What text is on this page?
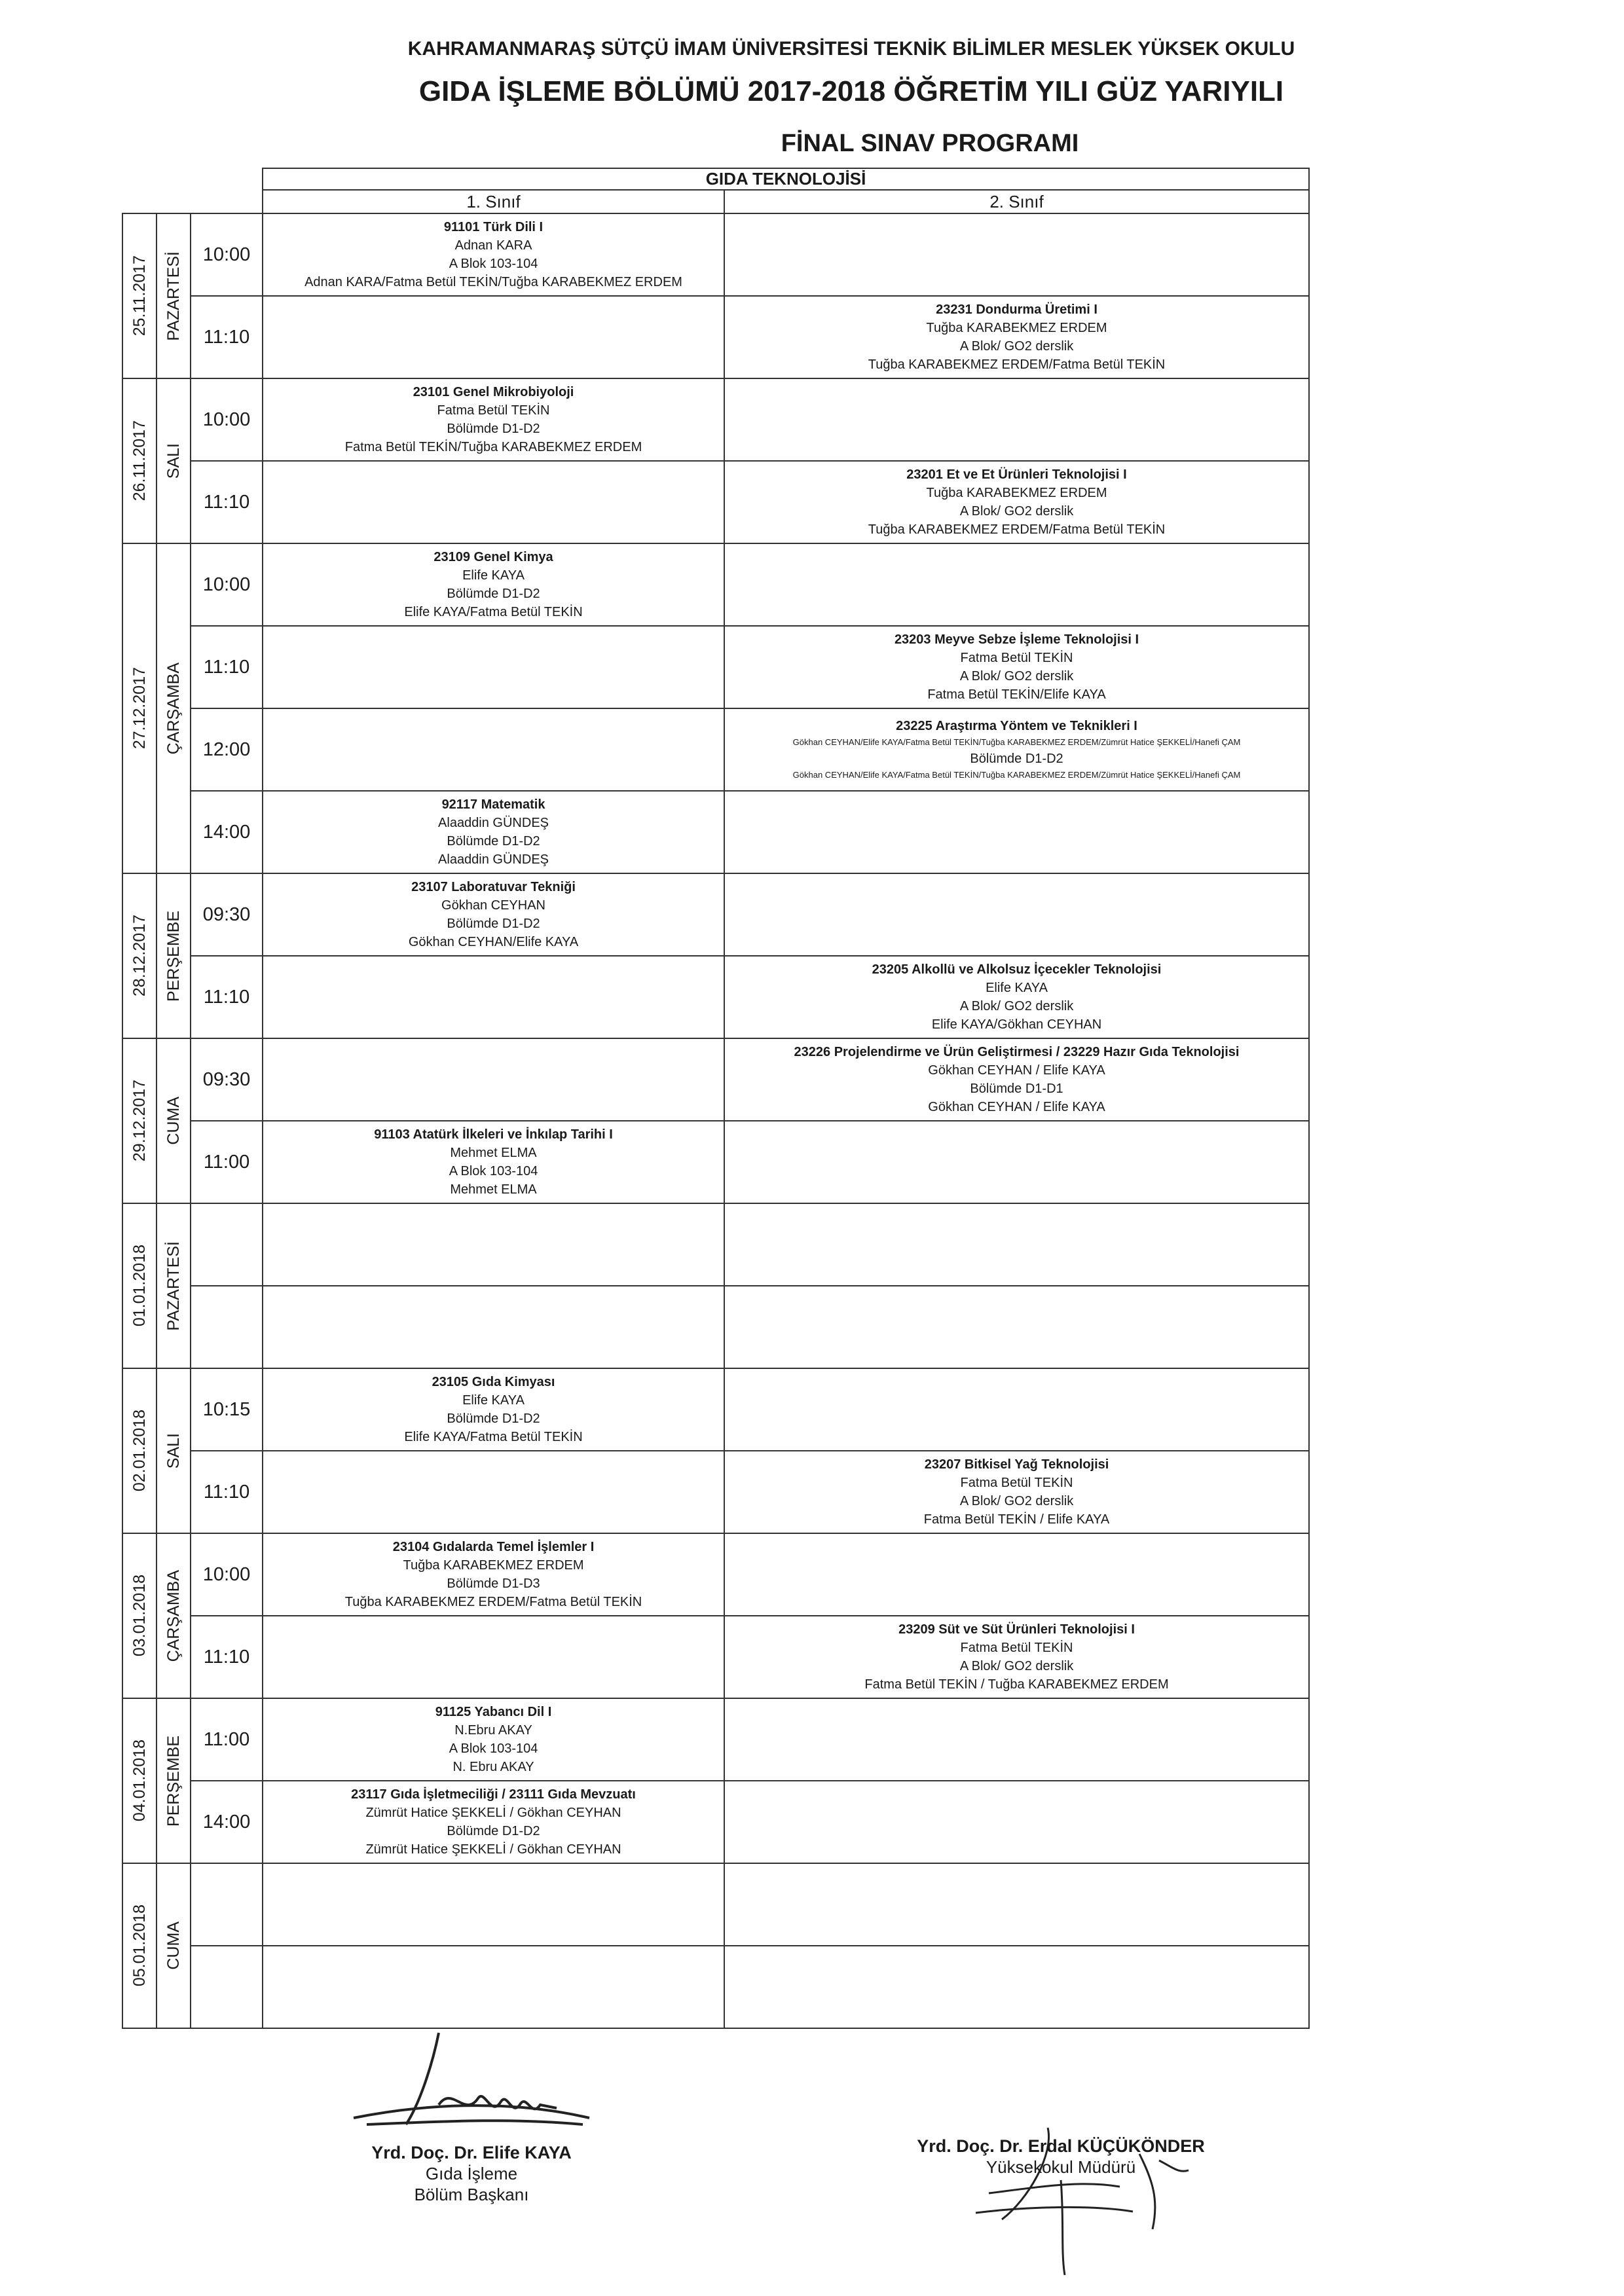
KAHRAMANMARAŞ SÜTÇÜ İMAM ÜNİVERSİTESİ TEKNİK BİLİMLER MESLEK YÜKSEK OKULU
GIDA İŞLEME BÖLÜMÜ 2017-2018 ÖĞRETİM YILI GÜZ YARIYILI
FİNAL SINAV PROGRAMI
			GIDA TEKNOLOJİSİ	
			1. Sınıf	2. Sınıf

25.11.2017	PAZARTESİ	10:00	91101 Türk Dili I
Adnan KARA
A Blok 103-104
Adnan KARA/Fatma Betül TEKİN/Tuğba KARABEKMEZ ERDEM	

		11:10		23231 Dondurma Üretimi I
Tuğba KARABEKMEZ ERDEM
A Blok/ GO2 derslik
Tuğba KARABEKMEZ ERDEM/Fatma Betül TEKİN

26.11.2017	SALI	10:00	23101 Genel Mikrobiyoloji
Fatma Betül TEKİN
Bölümde D1-D2
Fatma Betül TEKİN/Tuğba KARABEKMEZ ERDEM	

		11:10		23201 Et ve Et Ürünleri Teknolojisi I
Tuğba KARABEKMEZ ERDEM
A Blok/ GO2 derslik
Tuğba KARABEKMEZ ERDEM/Fatma Betül TEKİN

27.12.2017	ÇARŞAMBA	10:00	23109 Genel Kimya
Elife KAYA
Bölümde D1-D2
Elife KAYA/Fatma Betül TEKİN	

		11:10		23203 Meyve Sebze İşleme Teknolojisi I
Fatma Betül TEKİN
A Blok/ GO2 derslik
Fatma Betül TEKİN/Elife KAYA

		12:00		23225 Araştırma Yöntem ve Teknikleri I
Gökhan CEYHAN/Elife KAYA/Fatma Betül TEKİN/Tuğba KARABEKMEZ ERDEM/Zümrüt Hatice ŞEKKELİ/Hanefi ÇAM
Bölümde D1-D2
Gökhan CEYHAN/Elife KAYA/Fatma Betül TEKİN/Tuğba KARABEKMEZ ERDEM/Zümrüt Hatice ŞEKKELİ/Hanefi ÇAM

		14:00	92117 Matematik
Alaaddin GÜNDEŞ
Bölümde D1-D2
Alaaddin GÜNDEŞ	

28.12.2017	PERŞEMBE	09:30	23107 Laboratuvar Tekniği
Gökhan CEYHAN
Bölümde D1-D2
Gökhan CEYHAN/Elife KAYA	

		11:10		23205 Alkollü ve Alkolsuz İçecekler Teknolojisi
Elife KAYA
A Blok/ GO2 derslik
Elife KAYA/Gökhan CEYHAN

29.12.2017	CUMA	09:30		23226 Projelendirme ve Ürün Geliştirmesi / 23229 Hazır Gıda Teknolojisi
Gökhan CEYHAN / Elife KAYA
Bölümde D1-D1
Gökhan CEYHAN / Elife KAYA

		11:00	91103 Atatürk İlkeleri ve İnkılap Tarihi I
Mehmet ELMA
A Blok 103-104
Mehmet ELMA	

01.01.2018	PAZARTESİ			

02.01.2018	SALI	10:15	23105 Gıda Kimyası
Elife KAYA
Bölümde D1-D2
Elife KAYA/Fatma Betül TEKİN	

		11:10		23207 Bitkisel Yağ Teknolojisi
Fatma Betül TEKİN
A Blok/ GO2 derslik
Fatma Betül TEKİN / Elife KAYA

03.01.2018	ÇARŞAMBA	10:00	23104 Gıdalarda Temel İşlemler I
Tuğba KARABEKMEZ ERDEM
Bölümde D1-D3
Tuğba KARABEKMEZ ERDEM/Fatma Betül TEKİN	

		11:10		23209 Süt ve Süt Ürünleri Teknolojisi I
Fatma Betül TEKİN
A Blok/ GO2 derslik
Fatma Betül TEKİN / Tuğba KARABEKMEZ ERDEM

04.01.2018	PERŞEMBE	11:00	91125 Yabancı Dil I
N.Ebru AKAY
A Blok 103-104
N. Ebru AKAY	

		14:00	23117 Gıda İşletmeciliği / 23111 Gıda Mevzuatı
Zümrüt Hatice ŞEKKELİ / Gökhan CEYHAN
Bölümde D1-D2
Zümrüt Hatice ŞEKKELİ / Gökhan CEYHAN	

05.01.2018	CUMA			

Yrd. Doç. Dr. Elife KAYA
Gıda İşleme
Bölüm Başkanı
Yrd. Doç. Dr. Erdal KÜÇÜKÖNDER
Yüksekokul Müdürü
